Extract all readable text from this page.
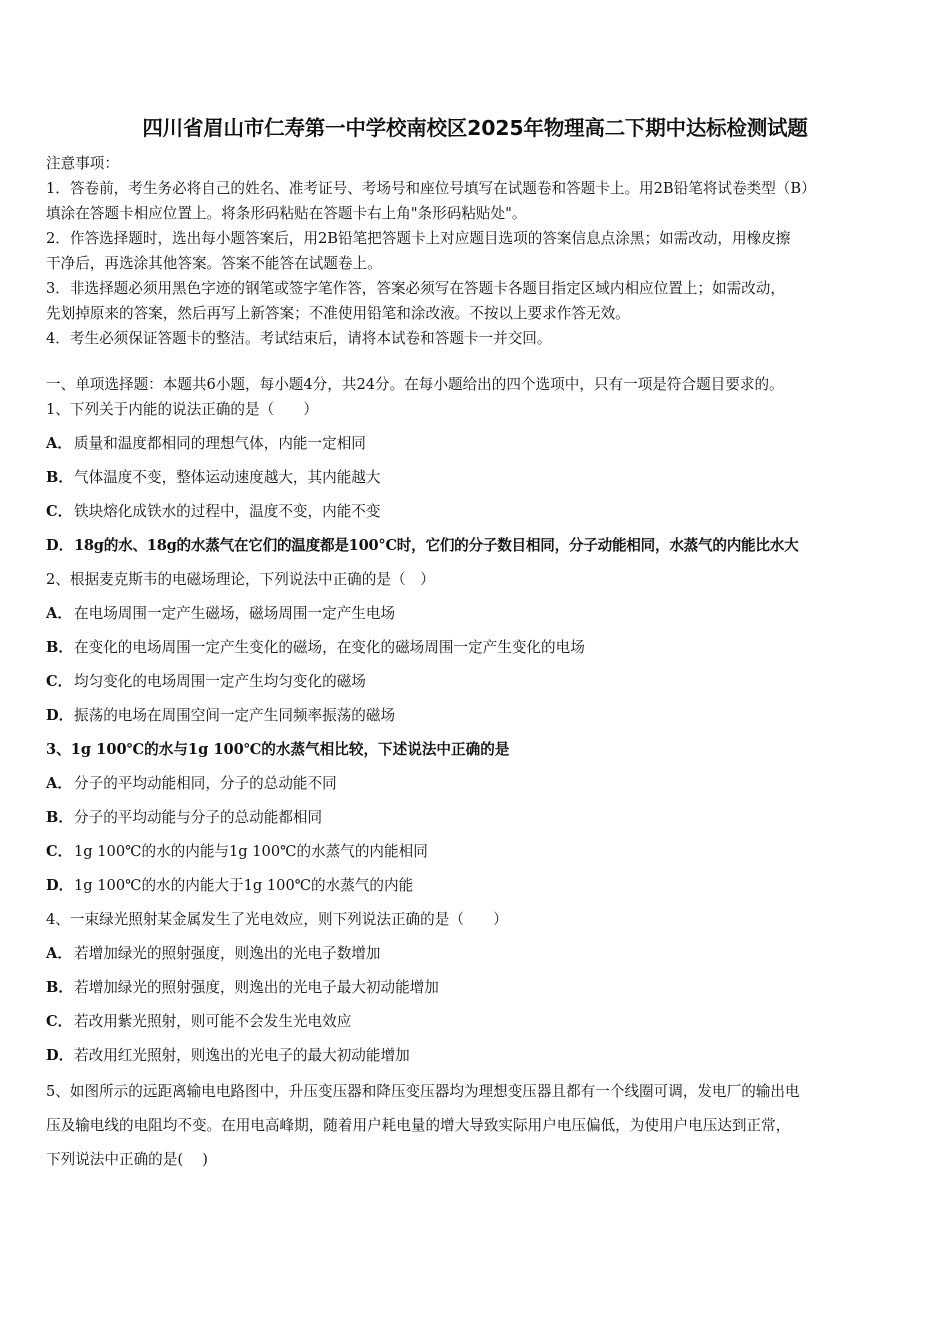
四川省眉山市仁寿第一中学校南校区2025年物理高二下期中达标检测试题
注意事项：
1．答卷前，考生务必将自己的姓名、准考证号、考场号和座位号填写在试题卷和答题卡上。用2B铅笔将试卷类型（B）
填涂在答题卡相应位置上。将条形码粘贴在答题卡右上角"条形码粘贴处"。
2．作答选择题时，选出每小题答案后，用2B铅笔把答题卡上对应题目选项的答案信息点涂黑；如需改动，用橡皮擦
干净后，再选涂其他答案。答案不能答在试题卷上。
3．非选择题必须用黑色字迹的钢笔或签字笔作答，答案必须写在答题卡各题目指定区域内相应位置上；如需改动，
先划掉原来的答案，然后再写上新答案；不准使用铅笔和涂改液。不按以上要求作答无效。
4．考生必须保证答题卡的整洁。考试结束后，请将本试卷和答题卡一并交回。
一、单项选择题：本题共6小题，每小题4分，共24分。在每小题给出的四个选项中，只有一项是符合题目要求的。
1、下列关于内能的说法正确的是（　　）
A． 质量和温度都相同的理想气体，内能一定相同
B．气体温度不变，整体运动速度越大，其内能越大
C． 铁块熔化成铁水的过程中，温度不变，内能不变
D．18g的水、18g的水蒸气在它们的温度都是100°C时，它们的分子数目相同，分子动能相同，水蒸气的内能比水大
2、根据麦克斯韦的电磁场理论，下列说法中正确的是（　）
A． 在电场周围一定产生磁场，磁场周围一定产生电场
B．在变化的电场周围一定产生变化的磁场，在变化的磁场周围一定产生变化的电场
C． 均匀变化的电场周围一定产生均匀变化的磁场
D．振荡的电场在周围空间一定产生同频率振荡的磁场
3、1g 100℃的水与1g 100℃的水蒸气相比较，下述说法中正确的是
A． 分子的平均动能相同，分子的总动能不同
B．分子的平均动能与分子的总动能都相同
C． 1g 100℃的水的内能与1g 100℃的水蒸气的内能相同
D．1g 100℃的水的内能大于1g 100℃的水蒸气的内能
4、一束绿光照射某金属发生了光电效应，则下列说法正确的是（　　）
A． 若增加绿光的照射强度，则逸出的光电子数增加
B．若增加绿光的照射强度，则逸出的光电子最大初动能增加
C． 若改用紫光照射，则可能不会发生光电效应
D．若改用红光照射，则逸出的光电子的最大初动能增加
5、如图所示的远距离输电电路图中，升压变压器和降压变压器均为理想变压器且都有一个线圈可调，发电厂的输出电
压及输电线的电阻均不变。在用电高峰期，随着用户耗电量的增大导致实际用户电压偏低，为使用户电压达到正常，
下列说法中正确的是(　 )
